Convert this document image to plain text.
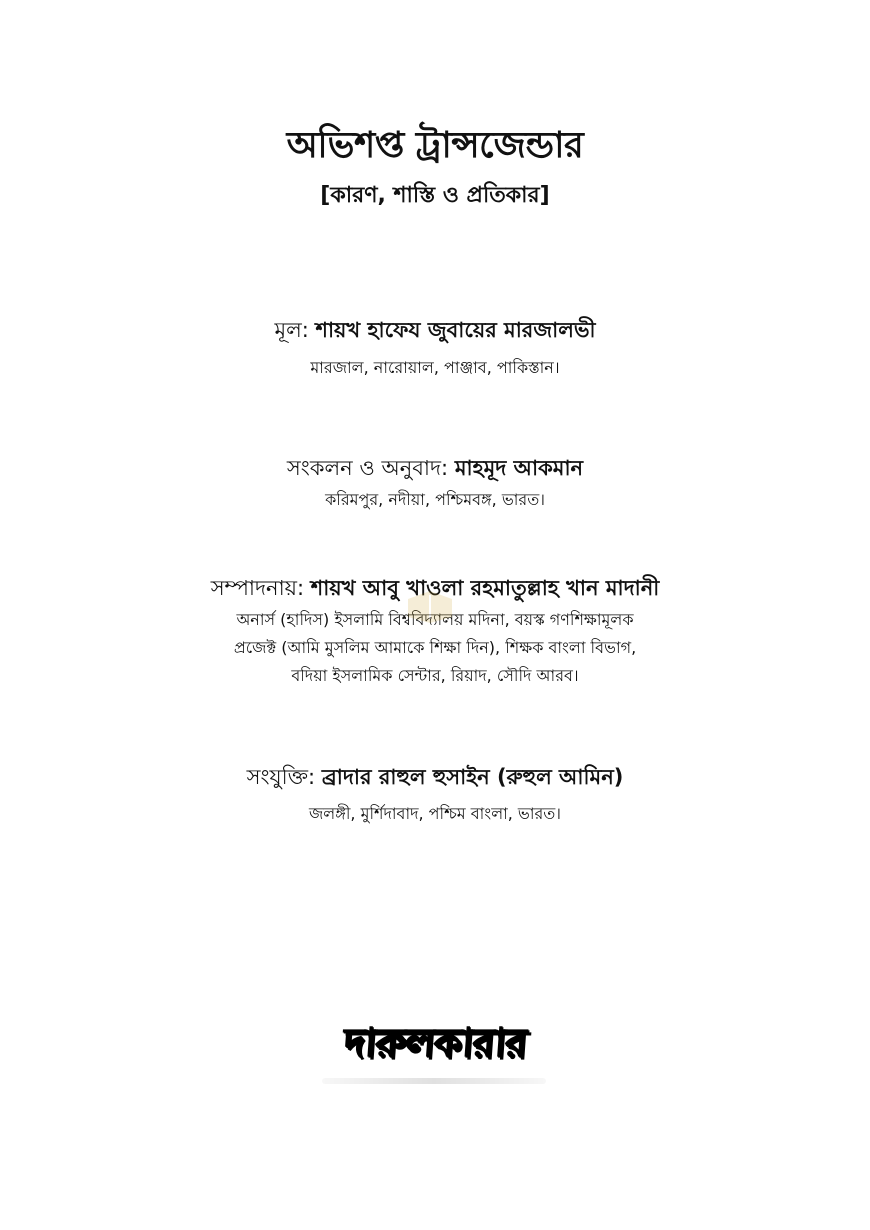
অভিশপ্ত ট্রান্সজেন্ডার
[কারণ, শাস্তি ও প্রতিকার]
মূল: শায়খ হাফেয জুবায়ের মারজালভী
মারজাল, নারোয়াল, পাঞ্জাব, পাকিস্তান।
সংকলন ও অনুবাদ: মাহমূদ আকমান
করিমপুর, নদীয়া, পশ্চিমবঙ্গ, ভারত।
সম্পাদনায়: শায়খ আবু খাওলা রহমাতুল্লাহ খান মাদানী
অনার্স (হাদিস) ইসলামি বিশ্ববিদ্যালয় মদিনা, বয়স্ক গণশিক্ষামূলক
প্রজেক্ট (আমি মুসলিম আমাকে শিক্ষা দিন), শিক্ষক বাংলা বিভাগ,
বদিয়া ইসলামিক সেন্টার, রিয়াদ, সৌদি আরব।
সংযুক্তি: ব্রাদার রাহুল হুসাইন (রুহুল আমিন)
জলঙ্গী, মুর্শিদাবাদ, পশ্চিম বাংলা, ভারত।
দারুলকারার
